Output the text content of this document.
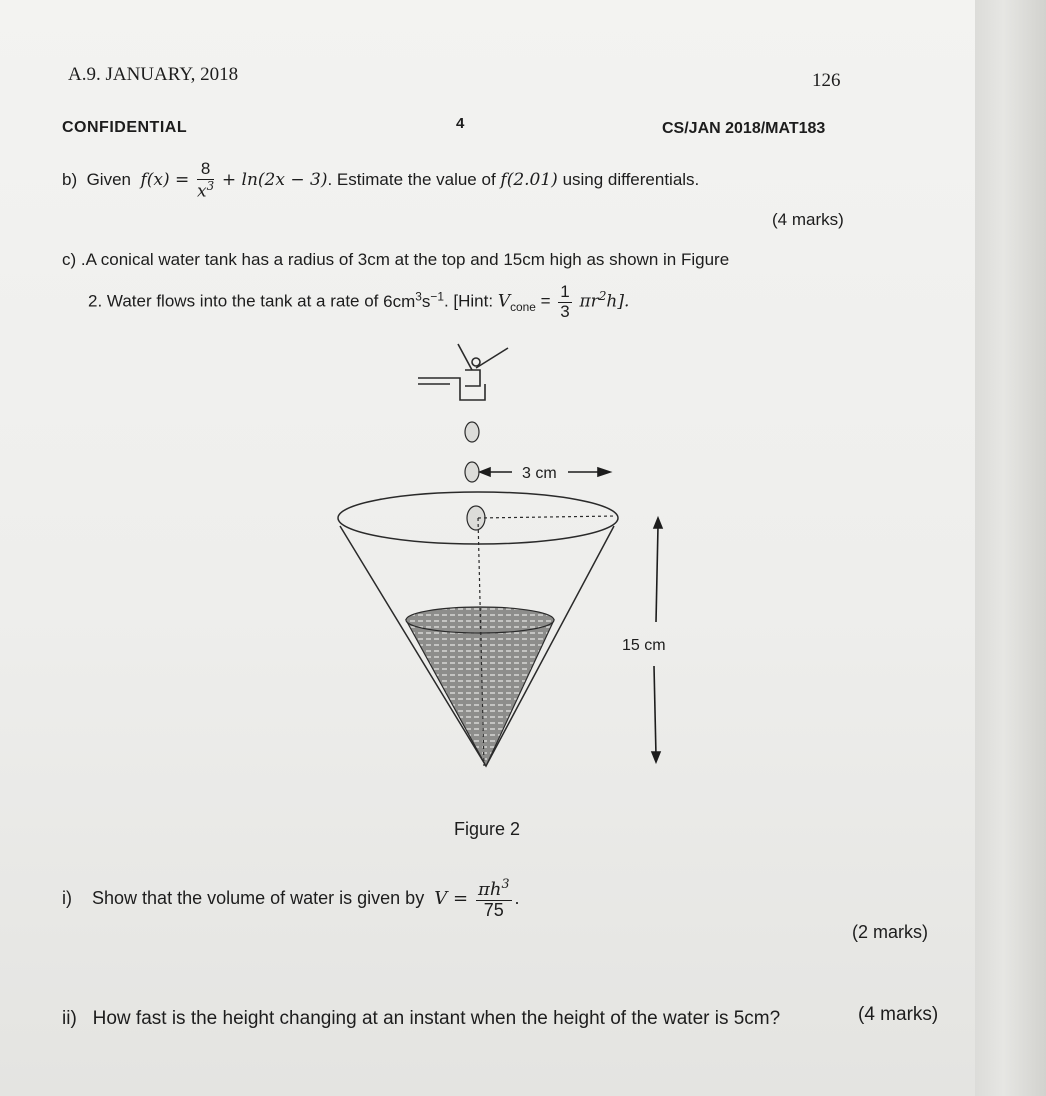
A.9. JANUARY, 2018	126
CONFIDENTIAL	4	CS/JAN 2018/MAT183
b) Given $f(x) = \frac{8}{x^3} + \ln(2x - 3)$. Estimate the value of f(2.01) using differentials.
(4 marks)
c) .A conical water tank has a radius of 3cm at the top and 15cm high as shown in Figure
2. Water flows into the tank at a rate of $6cm^3s^{-1}$. [Hint: $V_{cone} = \frac{1}{3} \pi r^2h$].
3 cm
15 cm
Figure 2
i) Show that the volume of water is given by $V = \frac{\pi h^3}{75}$ .
(2 marks)
ii) How fast is the height changing at an instant when the height of the water is 5cm?	(4 marks)
